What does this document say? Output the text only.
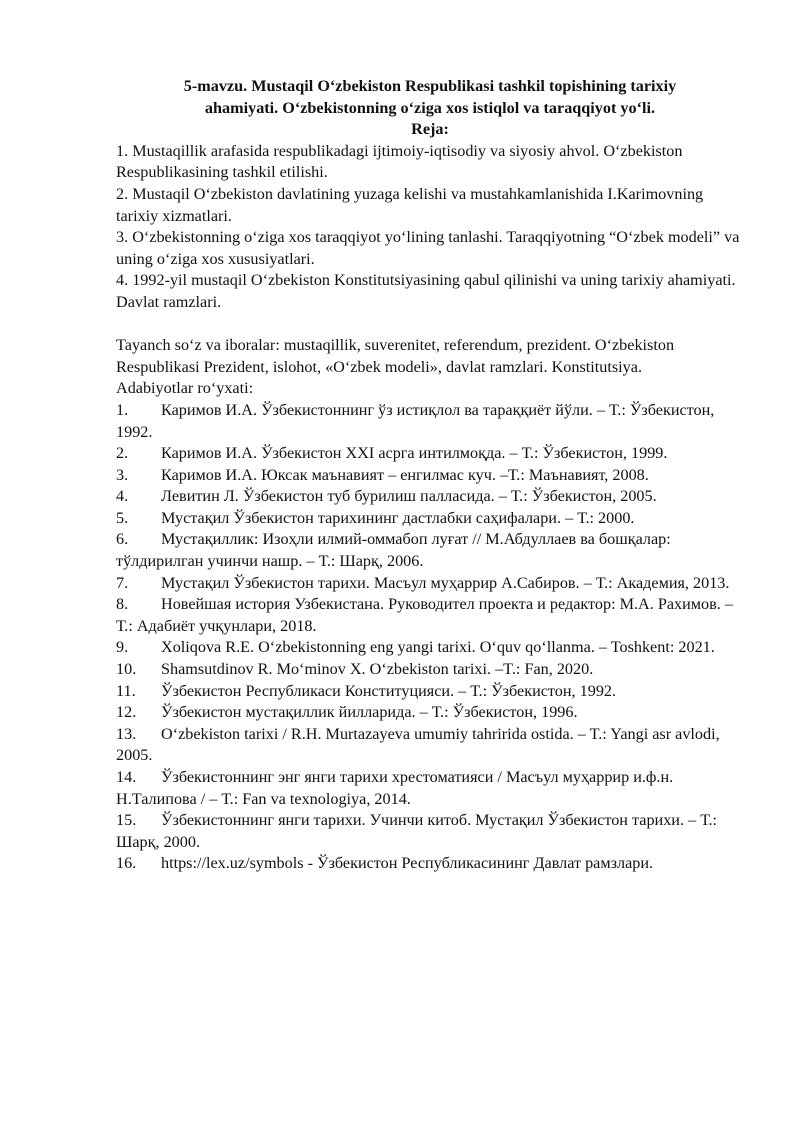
5-mavzu. Mustaqil O‘zbekiston Respublikasi tashkil topishining tarixiy
ahamiyati. O‘zbekistonning o‘ziga xos istiqlol va taraqqiyot yo‘li.
Reja:

1. Mustaqillik arafasida respublikadagi ijtimoiy-iqtisodiy va siyosiy ahvol. O‘zbekiston Respublikasining tashkil etilishi.

2. Mustaqil O‘zbekiston davlatining yuzaga kelishi va mustahkamlanishida I.Karimovning tarixiy xizmatlari.

3. O‘zbekistonning o‘ziga xos taraqqiyot yo‘lining tanlashi. Taraqqiyotning “O‘zbek modeli” va uning o‘ziga xos xususiyatlari.

4. 1992-yil mustaqil O‘zbekiston Konstitutsiyasining qabul qilinishi va uning tarixiy ahamiyati. Davlat ramzlari.

Tayanch so‘z va iboralar: mustaqillik, suverenitet, referendum, prezident. O‘zbekiston Respublikasi Prezident, islohot, «O‘zbek modeli», davlat ramzlari. Konstitutsiya.

Adabiyotlar ro‘yxati:

1. Каримов И.А. Ўзбекистоннинг ўз истиқлол ва тараққиёт йўли. – Т.: Ўзбекистон, 1992.
2. Каримов И.А. Ўзбекистон XXI асрга интилмоқда. – Т.: Ўзбекистон, 1999.
3. Каримов И.А. Юксак маънавият – енгилмас куч. –Т.: Маънавият, 2008.
4. Левитин Л. Ўзбекистон туб бурилиш палласида. – Т.: Ўзбекистон, 2005.
5. Мустақил Ўзбекистон тарихининг дастлабки саҳифалари. – Т.: 2000.
6. Мустақиллик: Изоҳли илмий-оммабоп луғат // М.Абдуллаев ва бошқалар: тўлдирилган учинчи нашр. – Т.: Шарқ, 2006.
7. Мустақил Ўзбекистон тарихи. Масъул муҳаррир А.Сабиров. – Т.: Академия, 2013.
8. Новейшая история Узбекистана. Руководител проекта и редактор: М.А. Рахимов. – Т.: Адабиёт учқунлари, 2018.
9. Xoliqova R.E. O‘zbekistonning eng yangi tarixi. O‘quv qo‘llanma. – Toshkent: 2021.
10. Shamsutdinov R. Mo‘minov X. O‘zbekiston tarixi. –T.: Fan, 2020.
11. Ўзбекистон Республикаси Конституцияси. – Т.: Ўзбекистон, 1992.
12. Ўзбекистон мустақиллик йилларида. – Т.: Ўзбекистон, 1996.
13. O‘zbekiston tarixi / R.H. Murtazayeva umumiy tahririda ostida. – T.: Yangi asr avlodi, 2005.
14. Ўзбекистоннинг энг янги тарихи хрестоматияси / Масъул муҳаррир и.ф.н. Н.Талипова / – Т.: Fan va texnologiya, 2014.
15. Ўзбекистоннинг янги тарихи. Учинчи китоб. Мустақил Ўзбекистон тарихи. – Т.: Шарқ, 2000.
16. https://lex.uz/symbols - Ўзбекистон Республикасининг Давлат рамзлари.
